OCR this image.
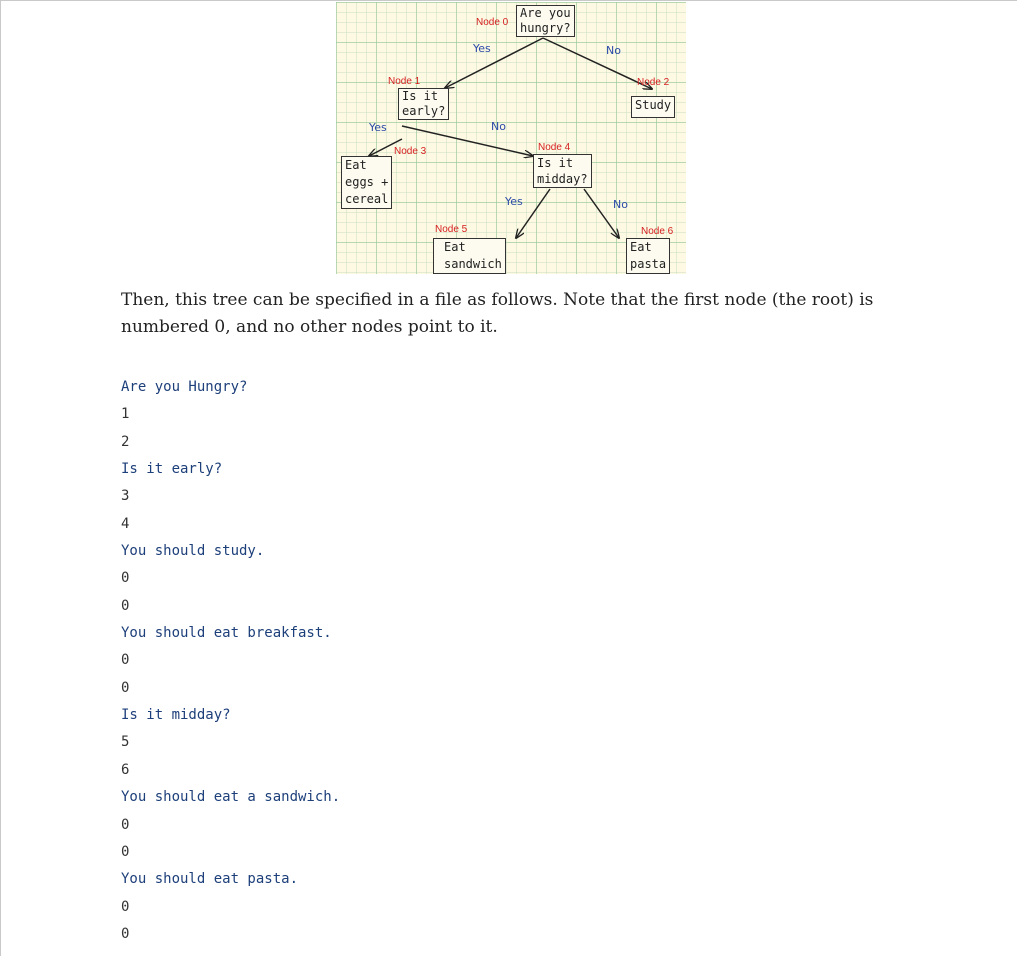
Are you
hungry?
Is it
early?	Study
Eat
eggs +
cereal
Is it
midday?
Eat
sandwich
Eat
pasta
Node 0
Node 1	Node 2
Node 3	Node 4
Node 5	Node 6
Yes	No
Yes	No
Yes	No

Then, this tree can be specified in a file as follows. Note that the first node (the root) is numbered 0, and no other nodes point to it.

Are you Hungry?
1
2
Is it early?
3
4
You should study.
0
0
You should eat breakfast.
0
0
Is it midday?
5
6
You should eat a sandwich.
0
0
You should eat pasta.
0
0
